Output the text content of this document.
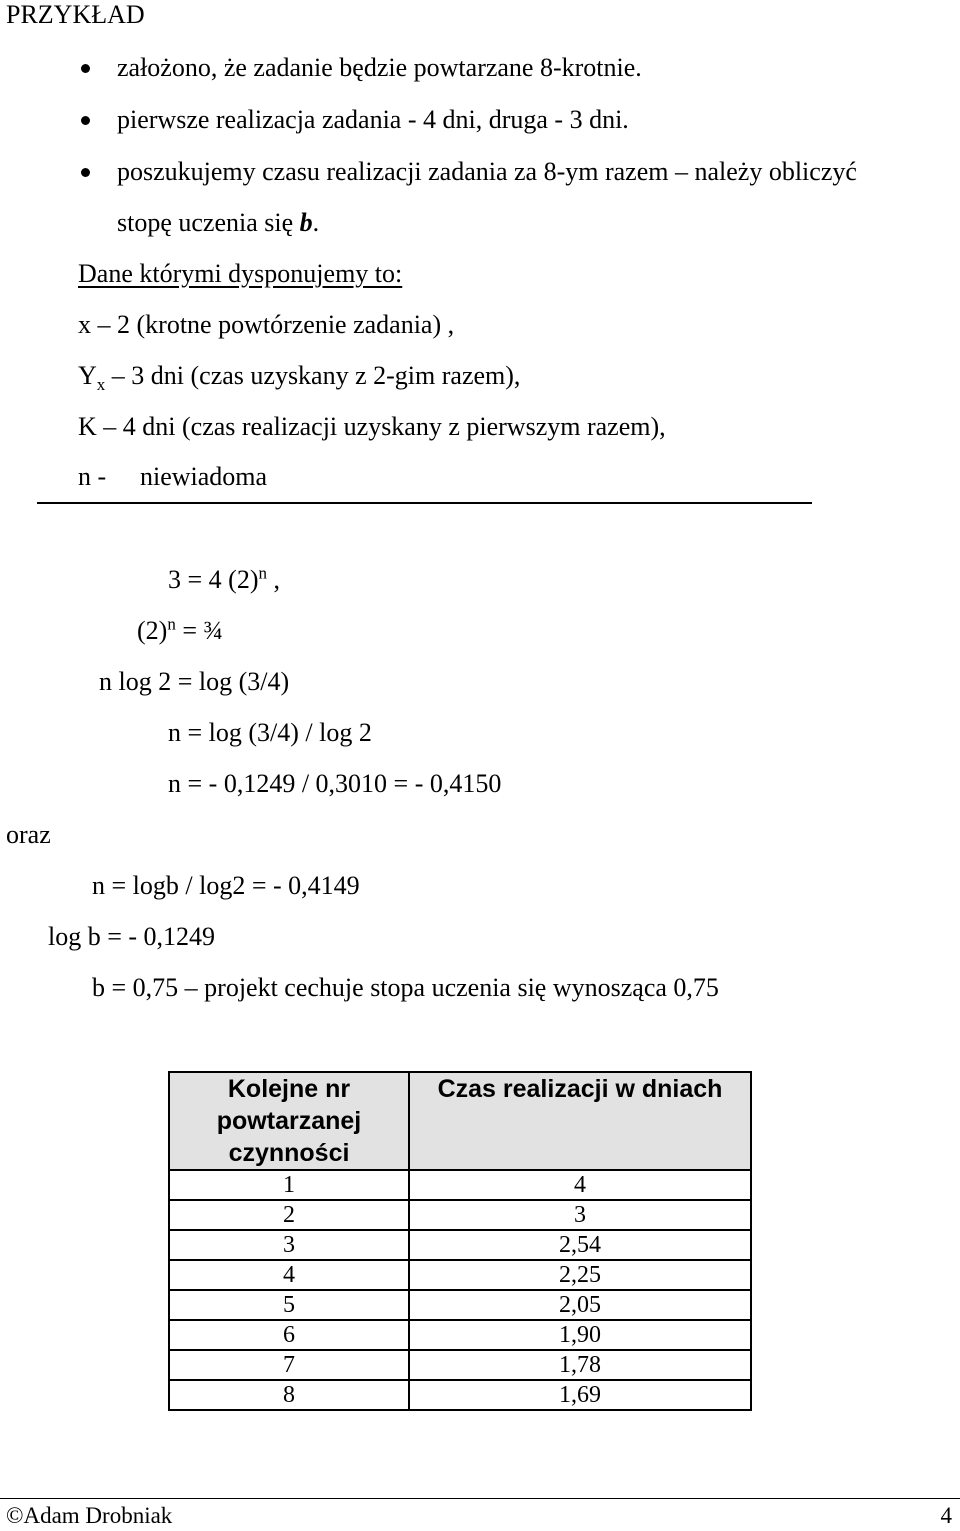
PRZYKŁAD
założono, że zadanie będzie powtarzane 8-krotnie.
pierwsze realizacja zadania - 4 dni, druga - 3 dni.
poszukujemy czasu realizacji zadania za 8-ym razem – należy obliczyć
stopę uczenia się b.
Dane którymi dysponujemy to:
x – 2 (krotne powtórzenie zadania) ,
$Y_x - 3$ dni (czas uzyskany z 2-gim razem),
K – 4 dni (czas realizacji uzyskany z pierwszym razem),
n - niewiadoma
3 = 4 $(2)^n$ ,
$(2)^n$ = ¾
n log 2 = log (3/4)
n = log (3/4) / log 2
n = - 0,1249 / 0,3010 = - 0,4150
oraz
n = logb / log2 = - 0,4149
log b = - 0,1249
b = 0,75 – projekt cechuje stopa uczenia się wynosząca 0,75
Kolejne nr powtarzanej czynności	Czas realizacji w dniach
1	4
2	3
3	2,54
4	2,25
5	2,05
6	1,90
7	1,78
8	1,69
©Adam Drobniak	4
